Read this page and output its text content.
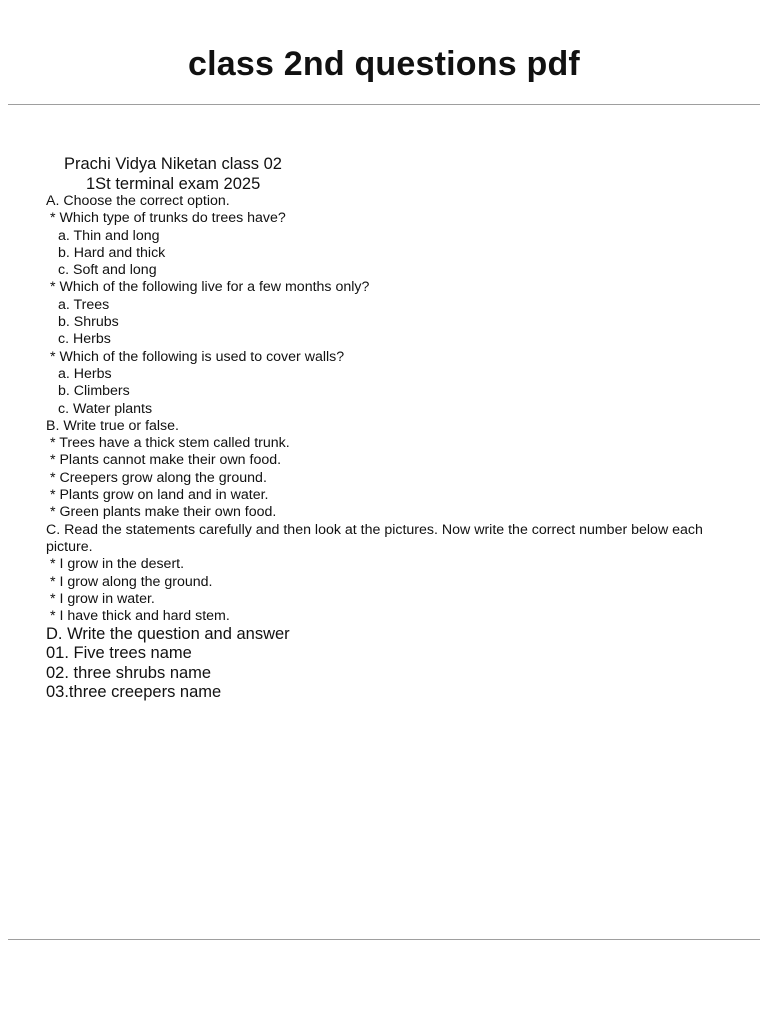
class 2nd questions pdf
Prachi Vidya Niketan class 02
1St terminal exam 2025
A. Choose the correct option.
* Which type of trunks do trees have?
a. Thin and long
b. Hard and thick
c. Soft and long
* Which of the following live for a few months only?
a. Trees
b. Shrubs
c. Herbs
* Which of the following is used to cover walls?
a. Herbs
b. Climbers
c. Water plants
B. Write true or false.
* Trees have a thick stem called trunk.
* Plants cannot make their own food.
* Creepers grow along the ground.
* Plants grow on land and in water.
* Green plants make their own food.
C. Read the statements carefully and then look at the pictures. Now write the correct number below each picture.
* I grow in the desert.
* I grow along the ground.
* I grow in water.
* I have thick and hard stem.
D. Write the question and answer
01. Five trees name
02. three shrubs name
03.three creepers name
